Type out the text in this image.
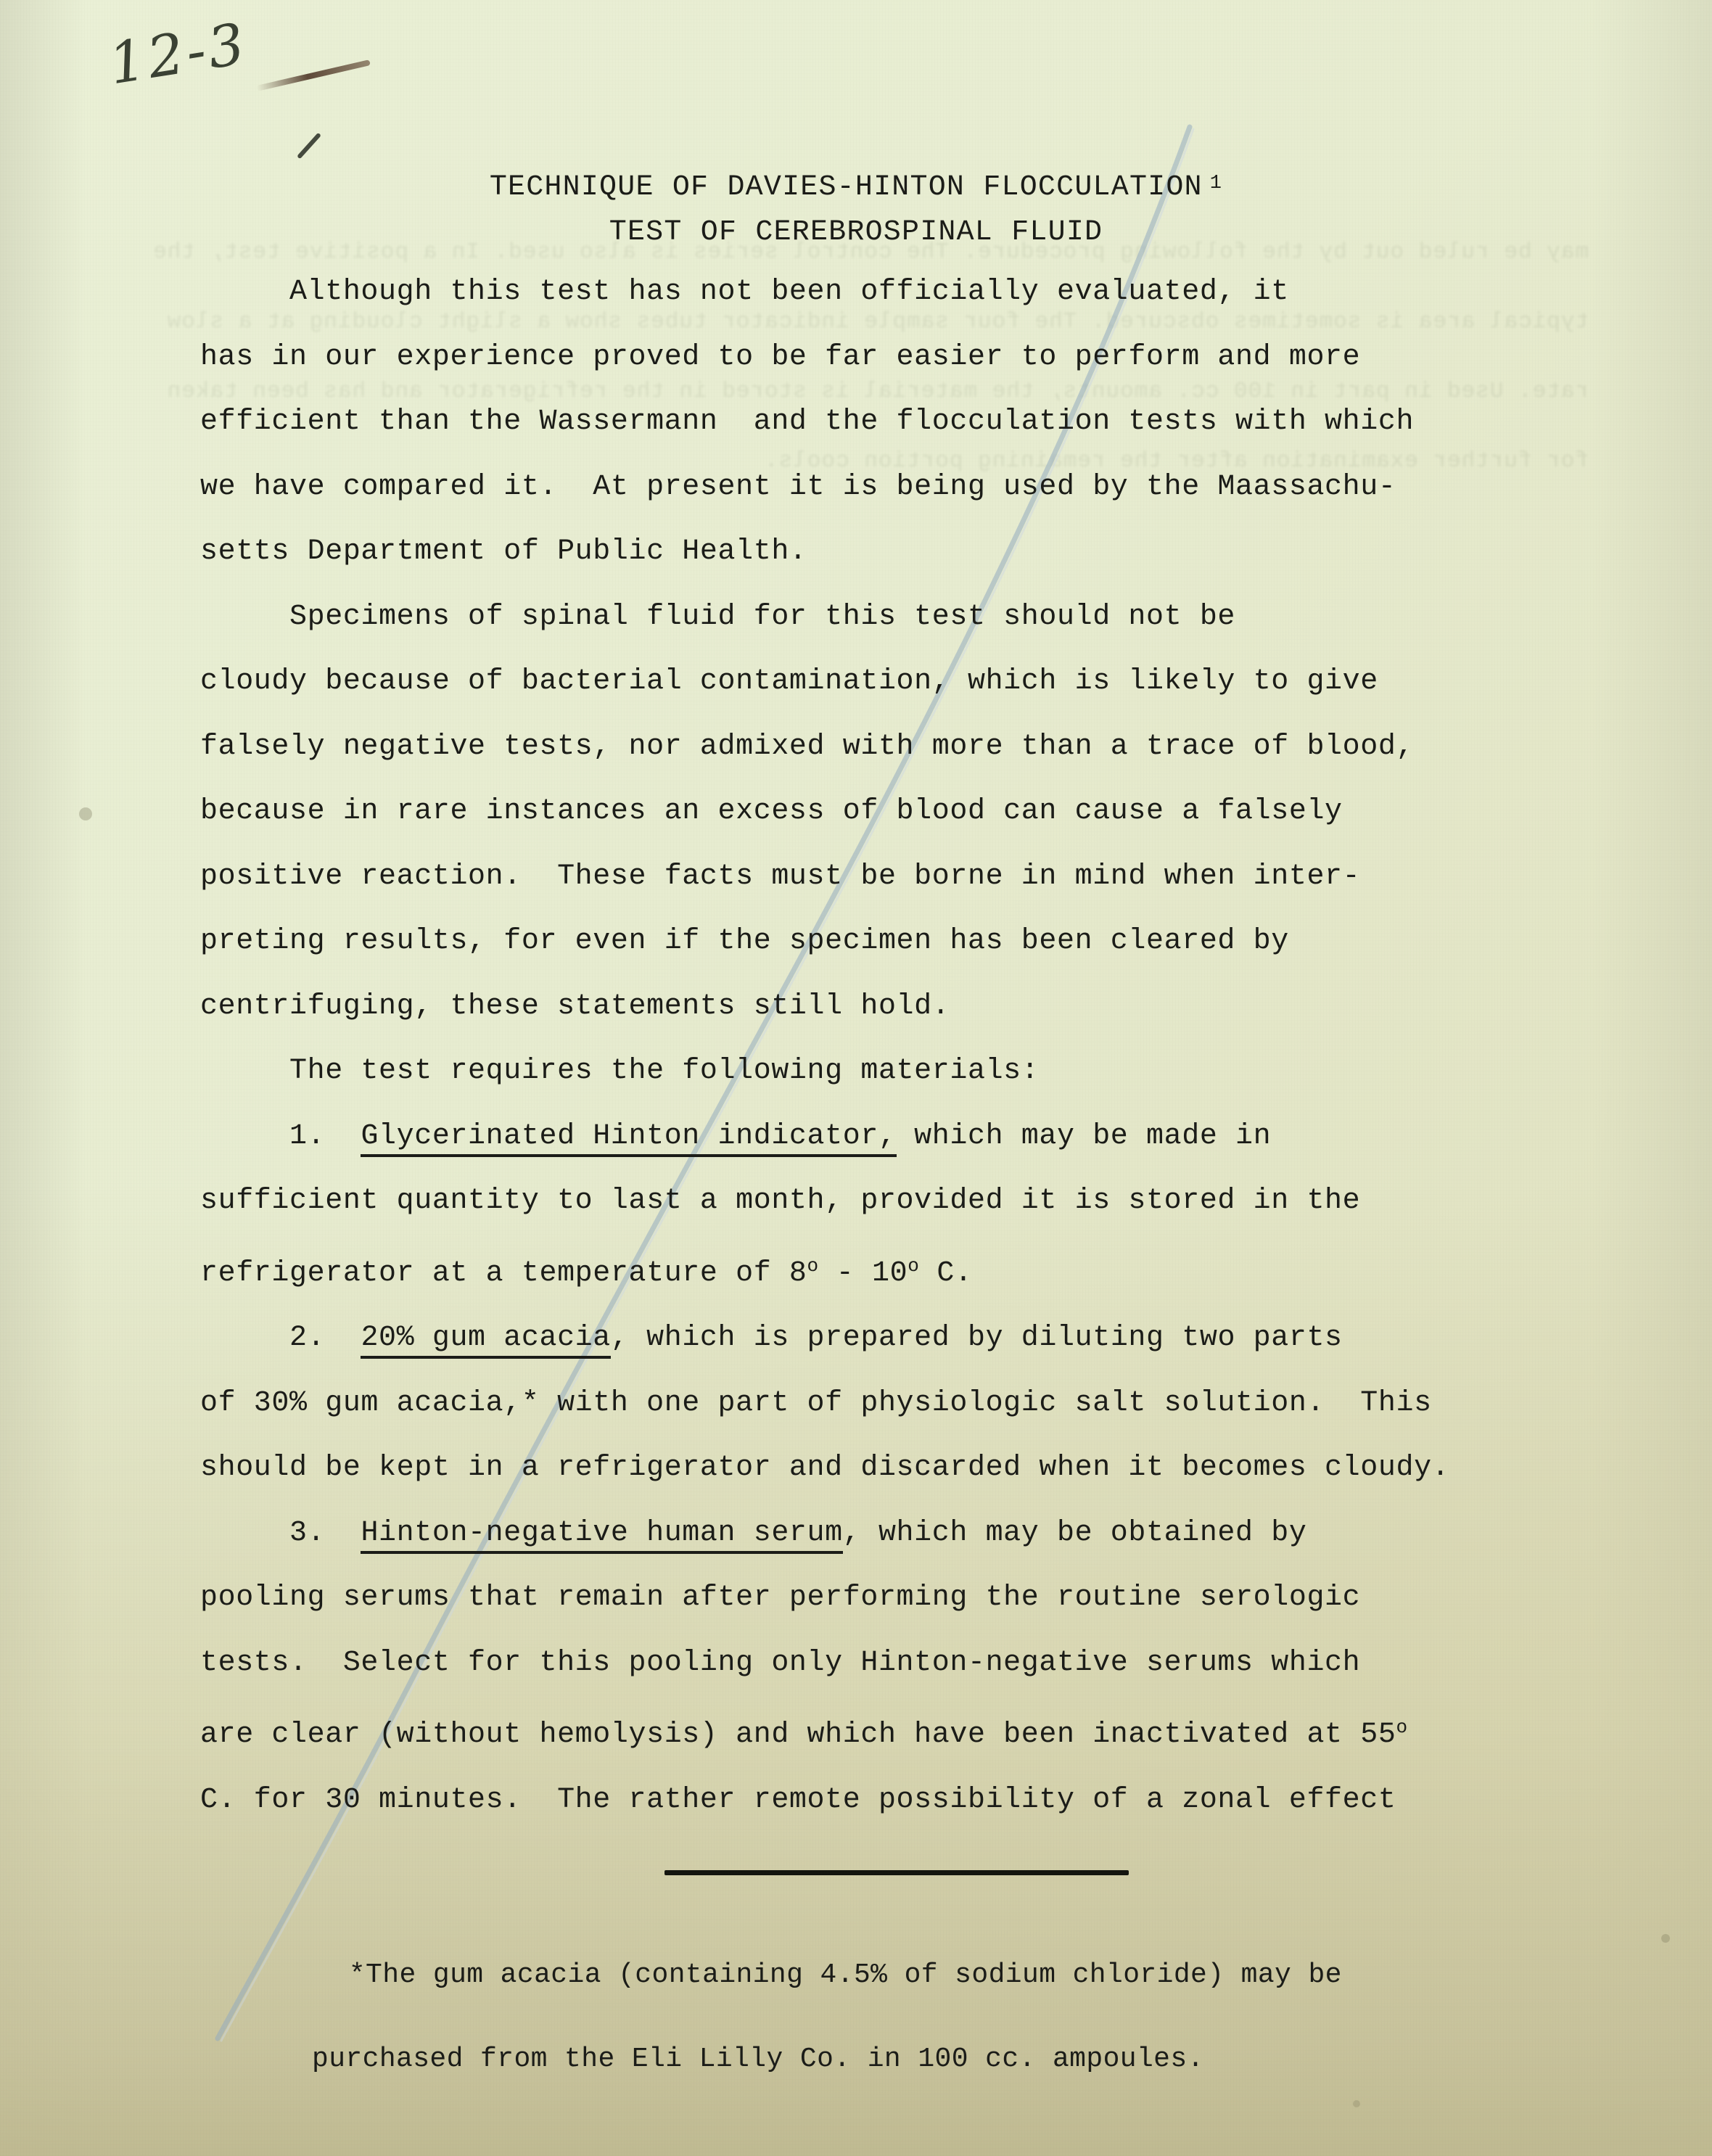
may be ruled out by the following procedure. The control series is also used. In a positive test, the typical area is sometimes obscured. The four sample indicator tubes show a slight clouding at a slow rate. Used in part in 100 cc. amounts, the material is stored in the refrigerator and has been taken for further examination after the remaining portion cools.
12-3
TECHNIQUE OF DAVIES-HINTON FLOCCULATION $^1$
TEST OF CEREBROSPINAL FLUID
Although this test has not been officially evaluated, it
has in our experience proved to be far easier to perform and more
efficient than the Wassermann  and the flocculation tests with which
we have compared it.  At present it is being used by the Maassachu-
setts Department of Public Health.
Specimens of spinal fluid for this test should not be
cloudy because of bacterial contamination, which is likely to give
falsely negative tests, nor admixed with more than a trace of blood,
because in rare instances an excess of blood can cause a falsely
positive reaction.  These facts must be borne in mind when inter-
preting results, for even if the specimen has been cleared by
centrifuging, these statements still hold.
The test requires the following materials:
1.  Glycerinated Hinton indicator, which may be made in
sufficient quantity to last a month, provided it is stored in the
refrigerator at a temperature of 8$^o$ - 10$^o$ C.
2.  20% gum acacia, which is prepared by diluting two parts
of 30% gum acacia,* with one part of physiologic salt solution.  This
should be kept in a refrigerator and discarded when it becomes cloudy.
3.  Hinton-negative human serum, which may be obtained by
pooling serums that remain after performing the routine serologic
tests.  Select for this pooling only Hinton-negative serums which
are clear (without hemolysis) and which have been inactivated at 55$^o$
C. for 30 minutes.  The rather remote possibility of a zonal effect

*The gum acacia (containing 4.5% of sodium chloride) may be

purchased from the Eli Lilly Co. in 100 cc. ampoules.
